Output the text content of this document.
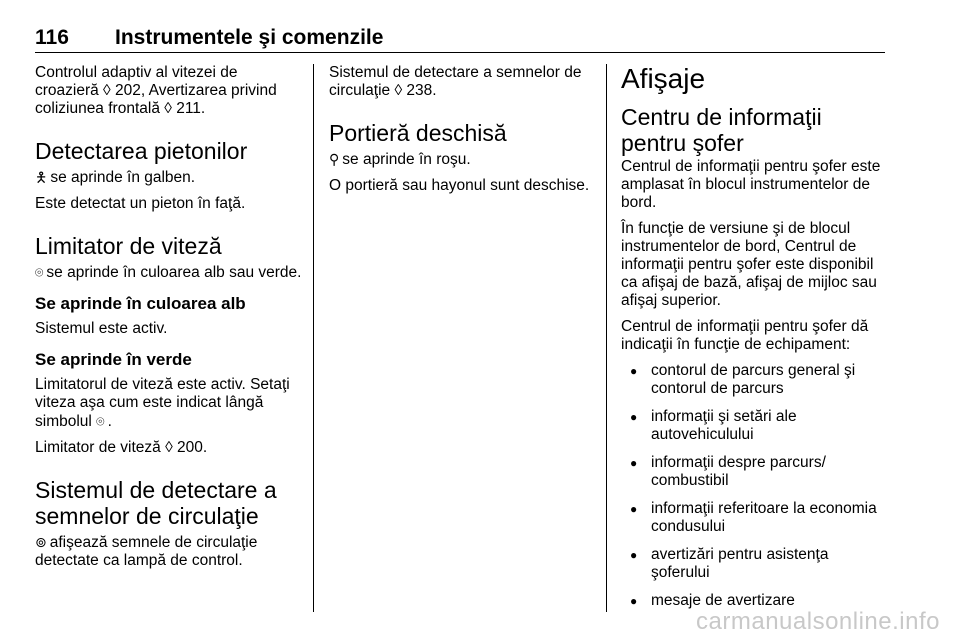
116 Instrumentele şi comenzile

Controlul adaptiv al vitezei de croazieră ◊ 202, Avertizarea privind coliziunea frontală ◊ 211.

Detectarea pietonilor

🯅 se aprinde în galben.

Este detectat un pieton în faţă.

Limitator de viteză

⌾ se aprinde în culoarea alb sau verde.

Se aprinde în culoarea alb

Sistemul este activ.

Se aprinde în verde

Limitatorul de viteză este activ. Setaţi viteza aşa cum este indicat lângă simbolul ⌾ .

Limitator de viteză ◊ 200.

Sistemul de detectare a semnelor de circulaţie

⊚ afişează semnele de circulaţie detectate ca lampă de control.

Sistemul de detectare a semnelor de circulaţie ◊ 238.

Portieră deschisă

⚲ se aprinde în roşu.

O portieră sau hayonul sunt deschise.

Afişaje
Centru de informaţii pentru şofer

Centrul de informaţii pentru şofer este amplasat în blocul instrumentelor de bord.

În funcţie de versiune şi de blocul instrumentelor de bord, Centrul de informaţii pentru şofer este disponibil ca afişaj de bază, afişaj de mijloc sau afişaj superior.

Centrul de informaţii pentru şofer dă indicaţii în funcţie de echipament:

● contorul de parcurs general şi contorul de parcurs
● informaţii şi setări ale autovehiculului
● informaţii despre parcurs/ combustibil
● informaţii referitoare la economia condusului
● avertizări pentru asistenţa şoferului
● mesaje de avertizare
carmanualsonline.info
